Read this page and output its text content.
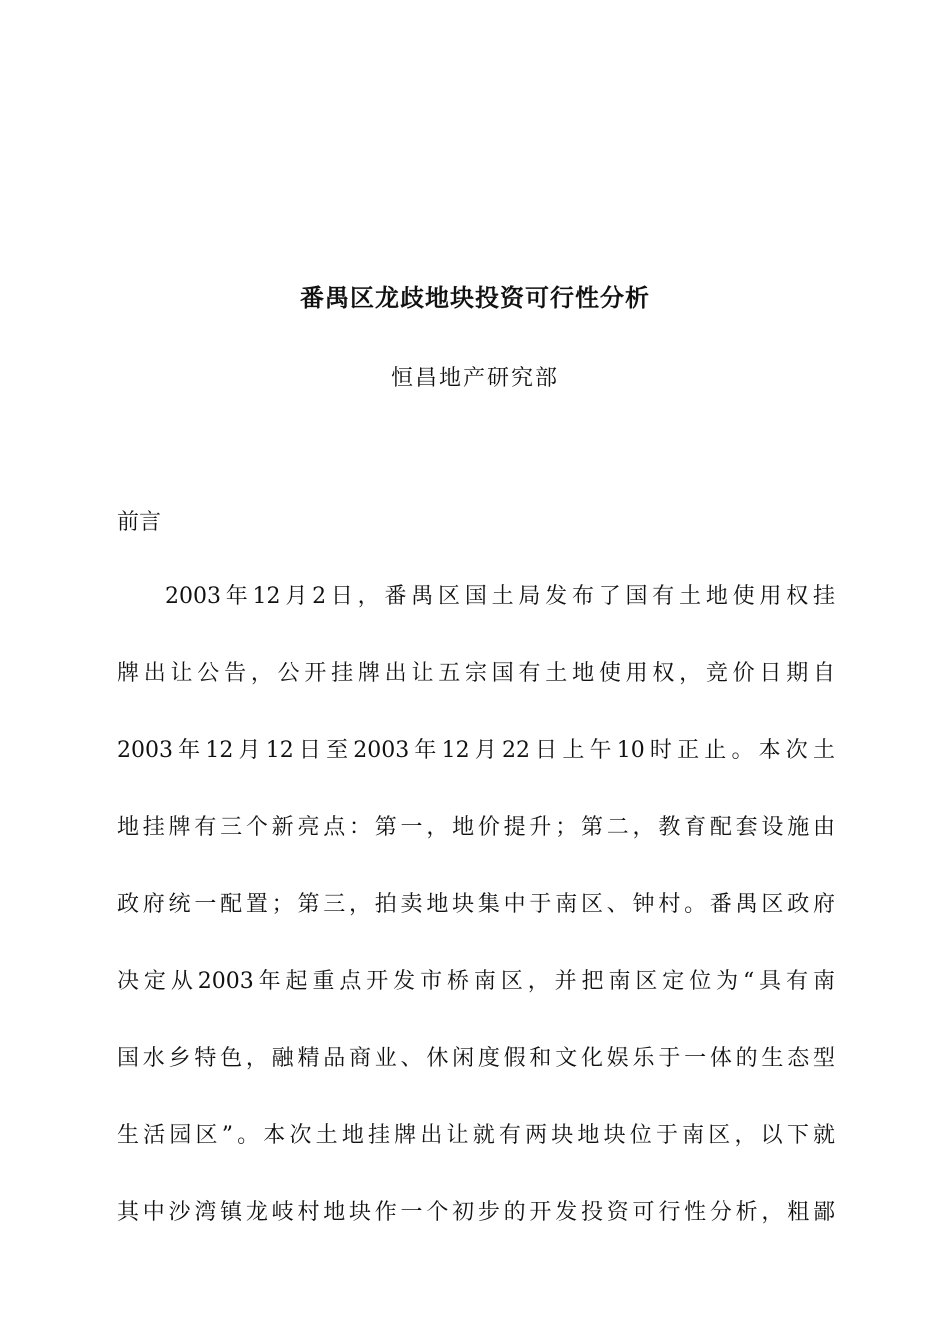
番禺区龙歧地块投资可行性分析
恒昌地产研究部
前言
2003年12月2日，番禺区国土局发布了国有土地使用权挂
牌出让公告，公开挂牌出让五宗国有土地使用权，竞价日期自
2003年12月12日至2003年12月22日上午10时正止。本次土
地挂牌有三个新亮点：第一，地价提升；第二，教育配套设施由
政府统一配置；第三，拍卖地块集中于南区、钟村。番禺区政府
决定从2003年起重点开发市桥南区，并把南区定位为“具有南
国水乡特色，融精品商业、休闲度假和文化娱乐于一体的生态型
生活园区”。本次土地挂牌出让就有两块地块位于南区，以下就
其中沙湾镇龙岐村地块作一个初步的开发投资可行性分析，粗鄙
